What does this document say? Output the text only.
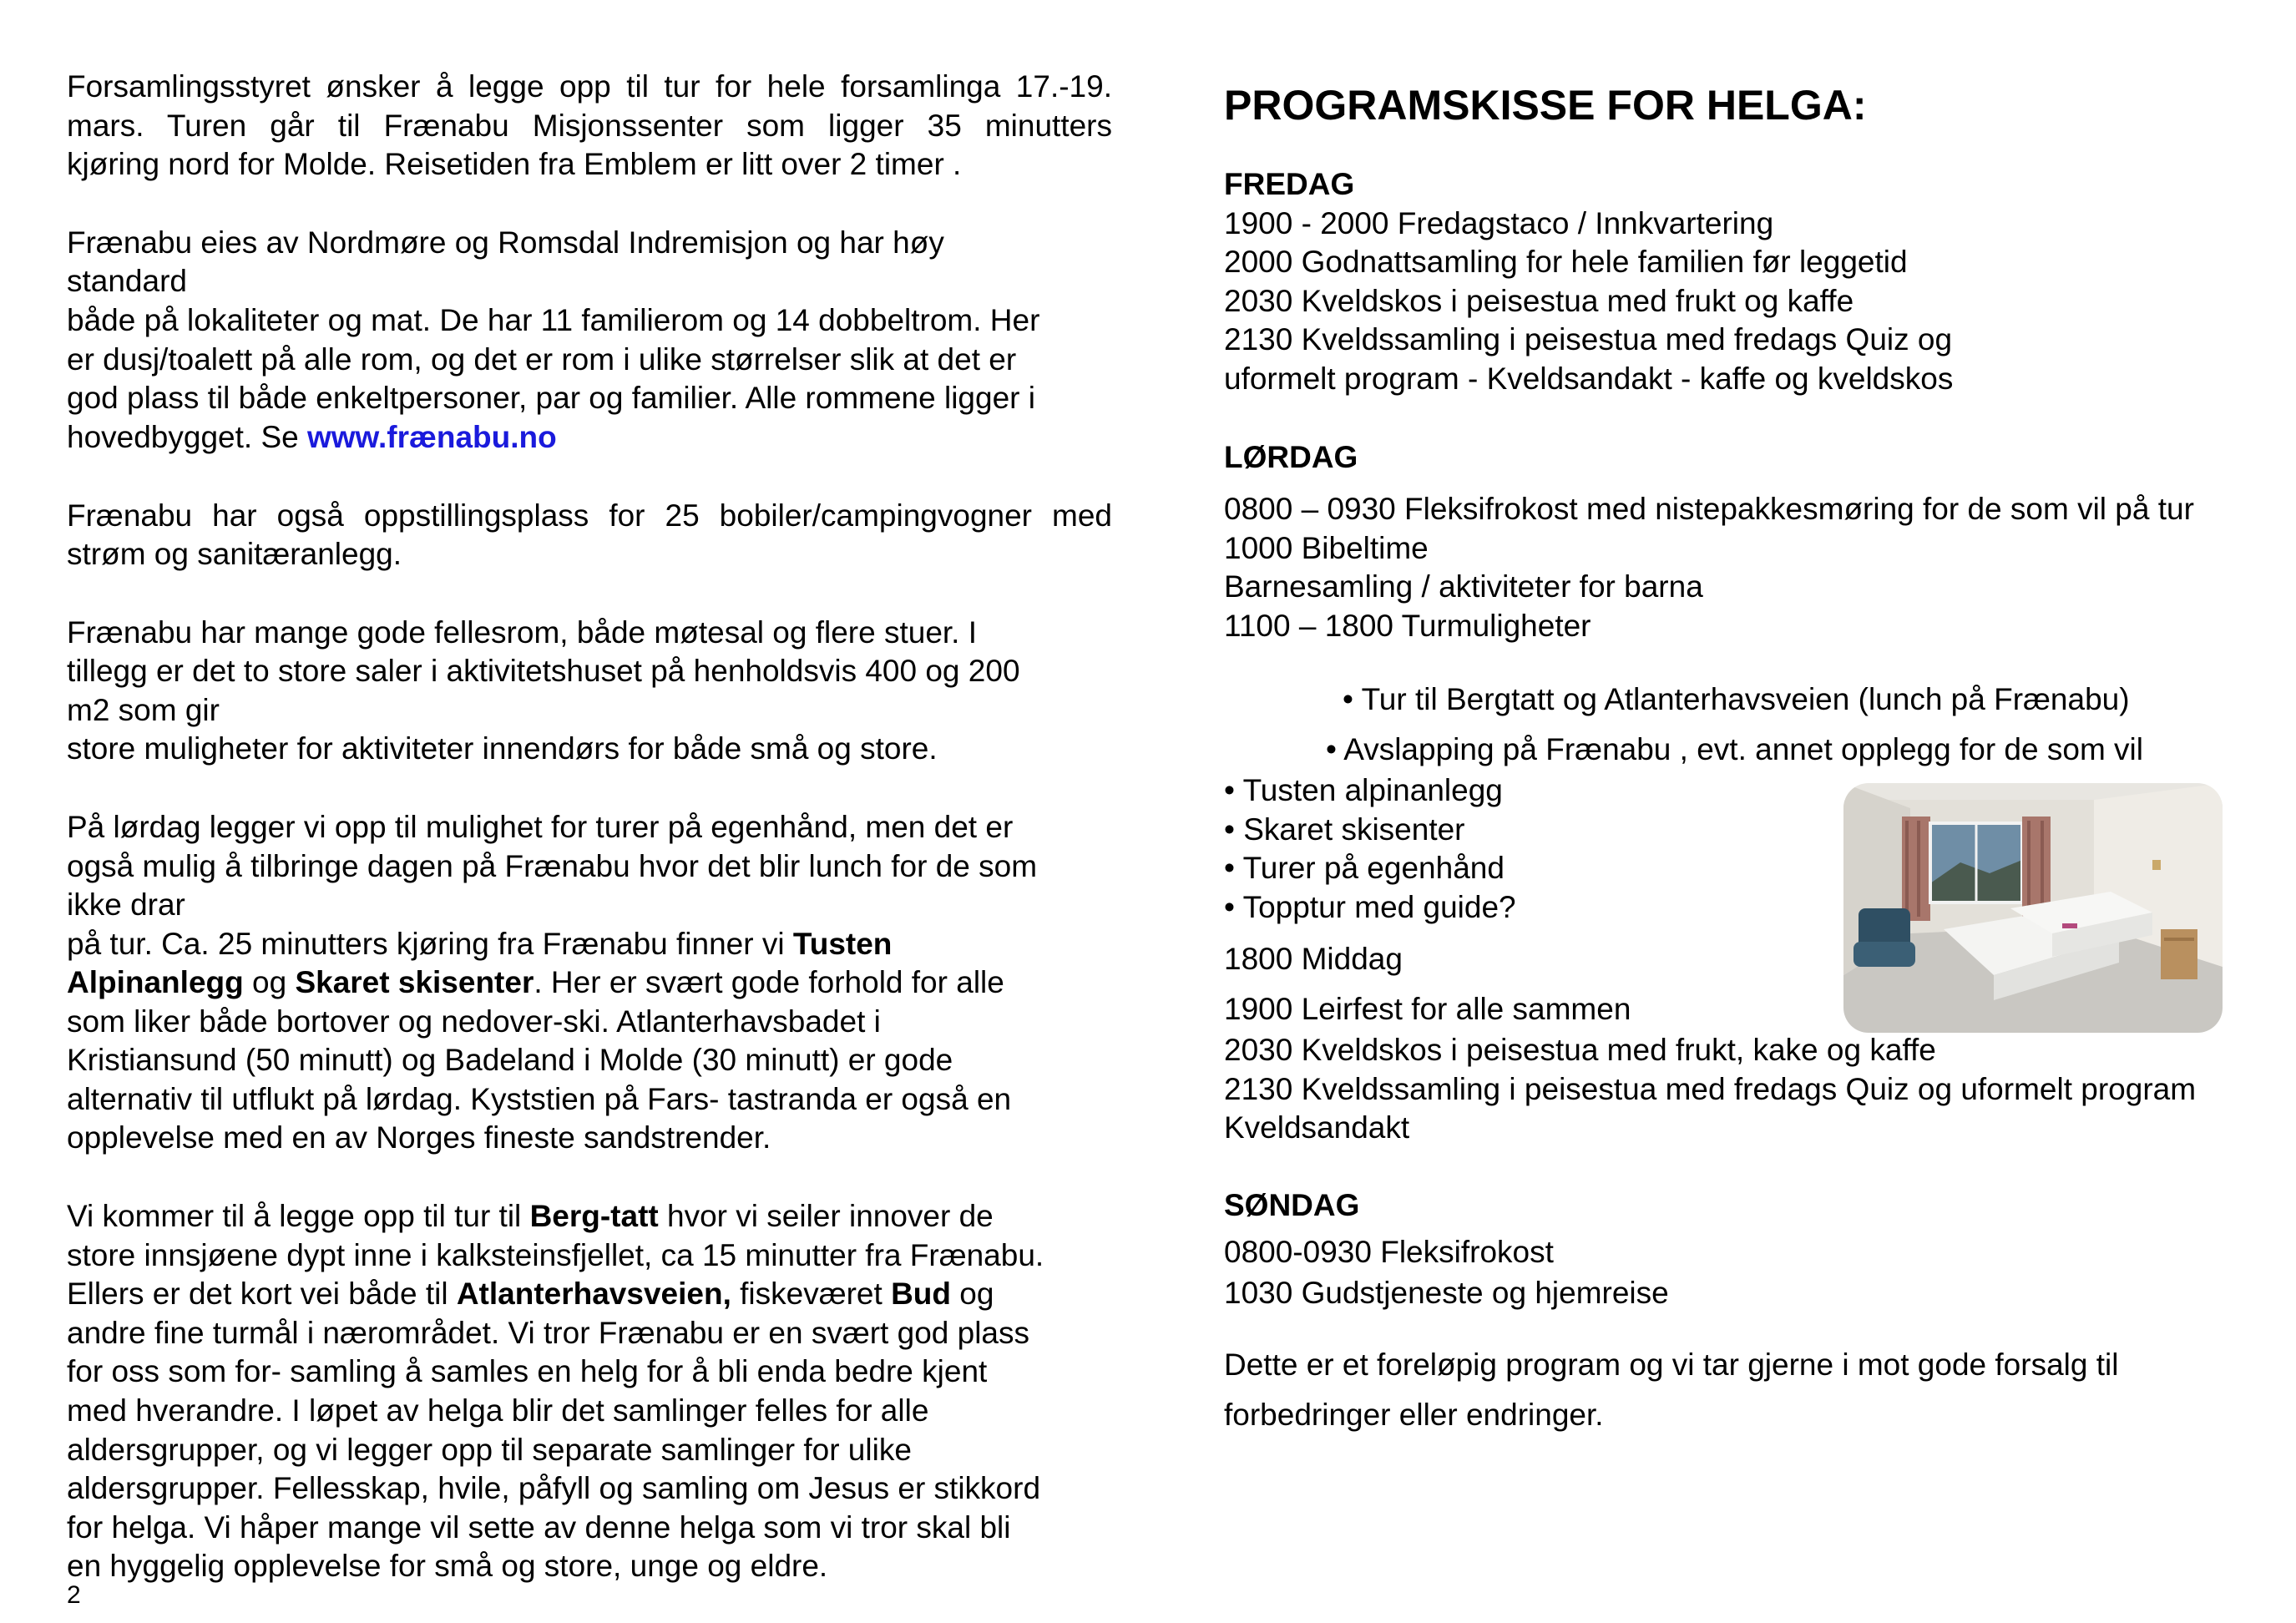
Forsamlingsstyret ønsker å legge opp til tur for hele forsamlinga 17.-19.
mars. Turen går til Frænabu Misjonssenter som ligger 35 minutters
kjøring nord for Molde. Reisetiden fra Emblem er litt over 2 timer .
Frænabu eies av Nordmøre og Romsdal Indremisjon og har høy
standard
både på lokaliteter og mat. De har 11 familierom og 14 dobbeltrom. Her
er dusj/toalett på alle rom, og det er rom i ulike størrelser slik at det er
god plass til både enkeltpersoner, par og familier. Alle rommene ligger i
hovedbygget. Se www.frænabu.no
Frænabu har også oppstillingsplass for 25 bobiler/campingvogner med
strøm og sanitæranlegg.
Frænabu har mange gode fellesrom, både møtesal og flere stuer. I
tillegg er det to store saler i aktivitetshuset på henholdsvis 400 og 200
m2 som gir
store muligheter for aktiviteter innendørs for både små og store.
På lørdag legger vi opp til mulighet for turer på egenhånd, men det er
også mulig å tilbringe dagen på Frænabu hvor det blir lunch for de som
ikke drar
på tur. Ca. 25 minutters kjøring fra Frænabu finner vi Tusten
Alpinanlegg og Skaret skisenter. Her er svært gode forhold for alle
som liker både bortover og nedover-ski. Atlanterhavsbadet i
Kristiansund (50 minutt) og Badeland i Molde (30 minutt) er gode
alternativ til utflukt på lørdag. Kyststien på Fars- tastranda er også en
opplevelse med en av Norges fineste sandstrender.
Vi kommer til å legge opp til tur til Berg-tatt hvor vi seiler innover de
store innsjøene dypt inne i kalksteinsfjellet, ca 15 minutter fra Frænabu.
Ellers er det kort vei både til Atlanterhavsveien, fiskeværet Bud og
andre fine turmål i nærområdet. Vi tror Frænabu er en svært god plass
for oss som for- samling å samles en helg for å bli enda bedre kjent
med hverandre. I løpet av helga blir det samlinger felles for alle
aldersgrupper, og vi legger opp til separate samlinger for ulike
aldersgrupper. Fellesskap, hvile, påfyll og samling om Jesus er stikkord
for helga. Vi håper mange vil sette av denne helga som vi tror skal bli
en hyggelig opplevelse for små og store, unge og eldre.
2
PROGRAMSKISSE FOR HELGA:
FREDAG
1900 - 2000 Fredagstaco / Innkvartering
2000 Godnattsamling for hele familien før leggetid
2030 Kveldskos i peisestua med frukt og kaffe
2130 Kveldssamling i peisestua med fredags Quiz og
uformelt program - Kveldsandakt - kaffe og kveldskos
LØRDAG
0800 – 0930 Fleksifrokost med nistepakkesmøring for de som vil på tur
1000 Bibeltime
Barnesamling / aktiviteter for barna
1100 – 1800 Turmuligheter
• Tur til Bergtatt og Atlanterhavsveien (lunch på Frænabu)
• Avslapping på Frænabu , evt. annet opplegg for de som vil
• Tusten alpinanlegg
• Skaret skisenter
• Turer på egenhånd
• Topptur med guide?
1800 Middag
1900 Leirfest for alle sammen
2030 Kveldskos i peisestua med frukt, kake og kaffe
2130 Kveldssamling i peisestua med fredags Quiz og uformelt program
Kveldsandakt
SØNDAG
0800-0930 Fleksifrokost
1030 Gudstjeneste og hjemreise
Dette er et foreløpig program og vi tar gjerne i mot gode forsalg til
forbedringer eller endringer.
